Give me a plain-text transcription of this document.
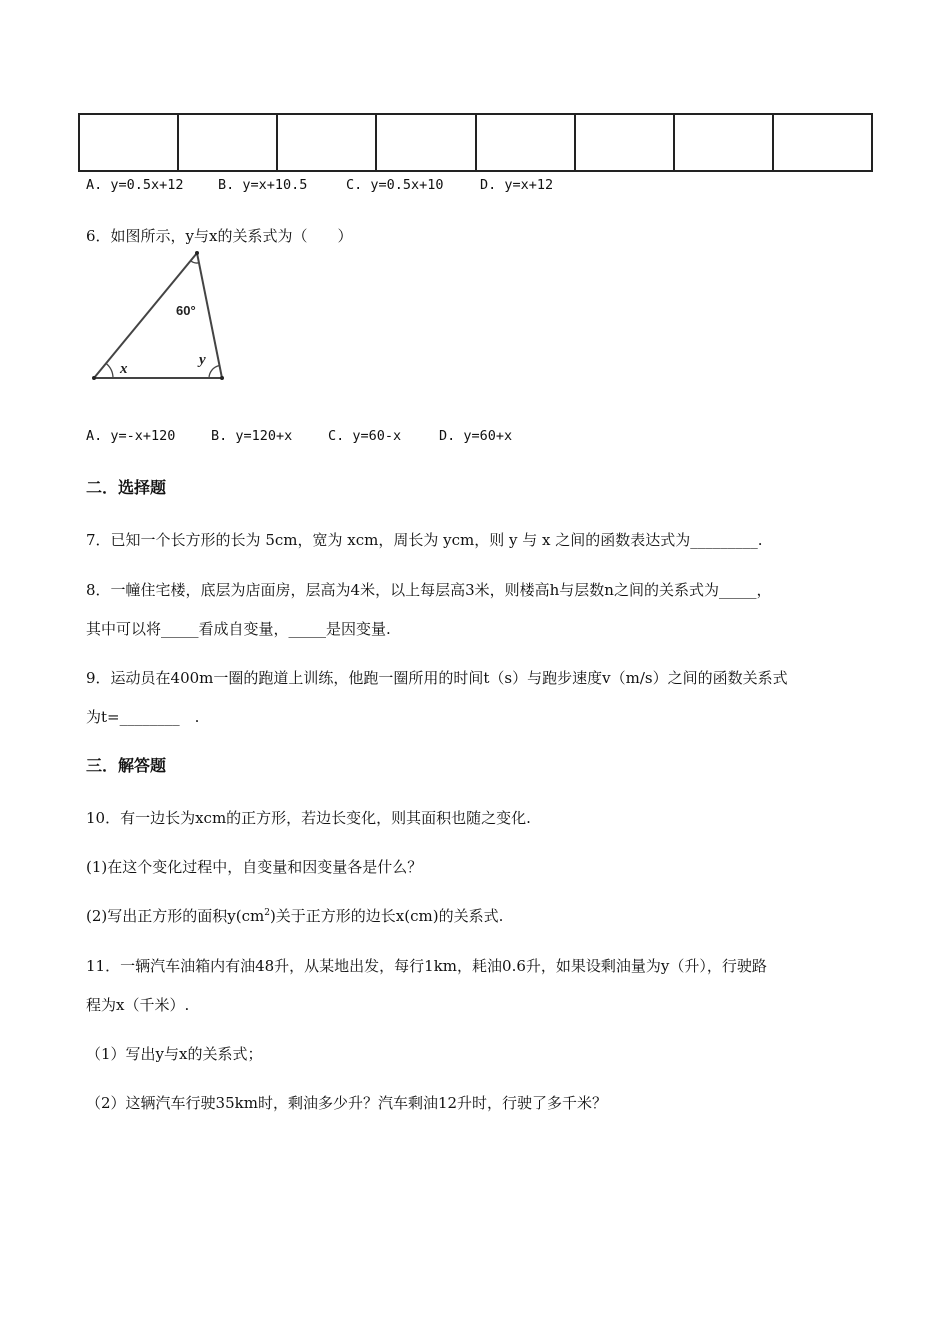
A. y=0.5x+12	B. y=x+10.5	C. y=0.5x+10	D. y=x+12
6．如图所示，y与x的关系式为（　　）
60°
x
y
A. y=-x+120	B. y=120+x	C. y=60-x	D. y=60+x
二．选择题
7．已知一个长方形的长为 5cm，宽为 xcm，周长为 ycm，则 y 与 x 之间的函数表达式为_________.
8．一幢住宅楼，底层为店面房，层高为4米，以上每层高3米，则楼高h与层数n之间的关系式为_____，
其中可以将_____看成自变量，_____是因变量.
9．运动员在400m一圈的跑道上训练，他跑一圈所用的时间t（s）与跑步速度v（m/s）之间的函数关系式
为t=________　.
三．解答题
10．有一边长为xcm的正方形，若边长变化，则其面积也随之变化.
(1)在这个变化过程中，自变量和因变量各是什么？
(2)写出正方形的面积$y(cm^2)$关于正方形的边长x(cm)的关系式.
11．一辆汽车油箱内有油48升，从某地出发，每行1km，耗油0.6升，如果设剩油量为y（升），行驶路
程为x（千米）.
（1）写出y与x的关系式；
（2）这辆汽车行驶35km时，剩油多少升？汽车剩油12升时，行驶了多千米？
